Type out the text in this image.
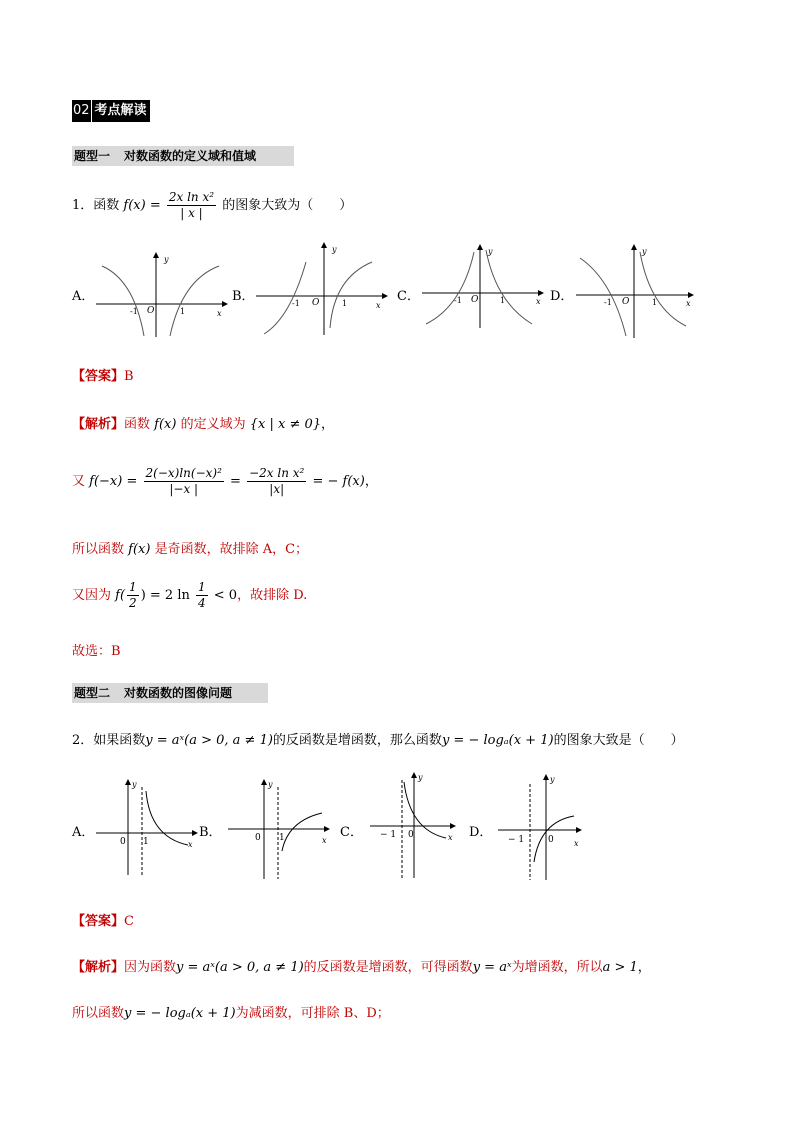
02 考点解读
题型一 对数函数的定义域和值域
1．函数 $f(x) = \frac{\text{2x ln x²}}{| x |}$ 的图象大致为（　　）
A．
y
x
-1 O	1
B．
y
x
-1 O	1	C．
y
x
-1 O	1	D．
y
x
-1 O	1
【答案】B
【解析】函数 f(x) 的定义域为 {x | x ≠ 0}，
又 $f(-x) = \frac{\text{2(−x)ln(−x)²}}{|-x |} = \frac{\text{−2x ln x²}}{|x|}$ = − f(x)，
所以函数 f(x) 是奇函数，故排除 A，C；
又因为 $f( \frac{1}{2}$ ) = 2 $\ln \frac{1}{4} < 0$，故排除 D.
故选：B
题型二 对数函数的图像问题
2．如果函数y = aˣ(a > 0, a ≠ 1)的反函数是增函数，那么函数y = − logₐ(x + 1)的图象大致是（　　）
A．
y
x
0 1
B．
y
x
0 1	C．
y
x
− 1 0	D．
y
x
− 1	0
【答案】C
【解析】因为函数y = aˣ(a > 0, a ≠ 1)的反函数是增函数，可得函数y = aˣ为增函数，所以a > 1，
所以函数y = − logₐ(x + 1)为减函数，可排除 B、D；
